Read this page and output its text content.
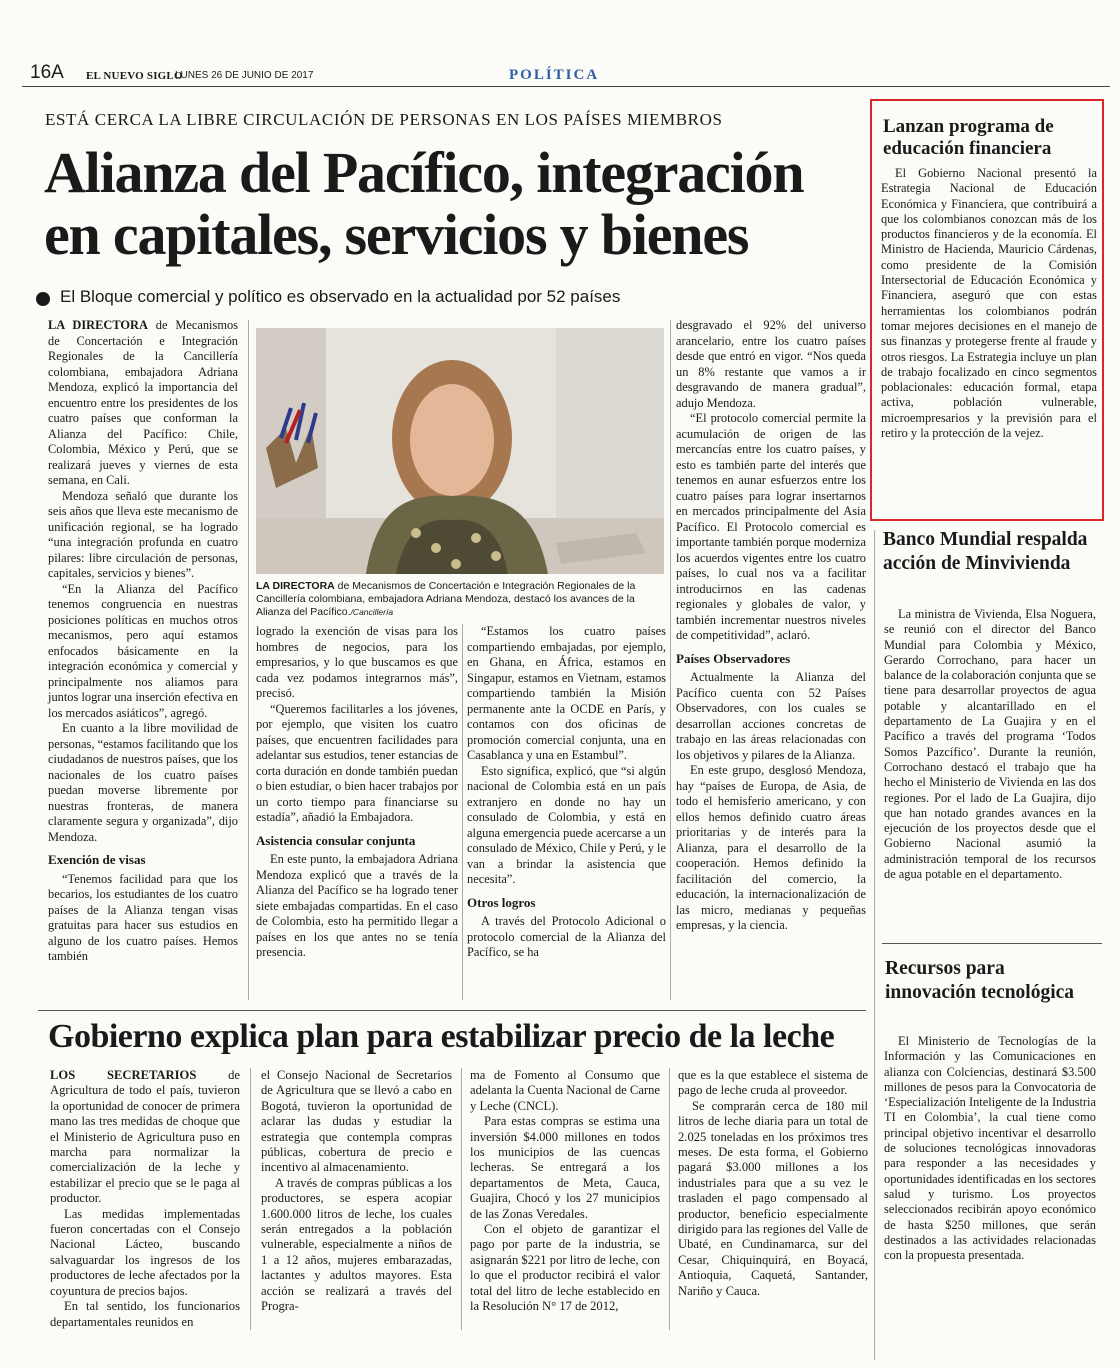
16A EL NUEVO SIGLO
LUNES 26 DE JUNIO DE 2017	POLÍTICA
ESTÁ CERCA LA LIBRE CIRCULACIÓN DE PERSONAS EN LOS PAÍSES MIEMBROS
Alianza del Pacífico, integración
en capitales, servicios y bienes
El Bloque comercial y político es observado en la actualidad por 52 países

LA DIRECTORA de Mecanismos de Concertación e Integración Regionales de la Cancillería colombiana, embajadora Adriana Mendoza, explicó la importancia del encuentro entre los presidentes de los cuatro países que conforman la Alianza del Pacífico: Chile, Colombia, México y Perú, que se realizará jueves y viernes de esta semana, en Cali.

Mendoza señaló que durante los seis años que lleva este mecanismo de unificación regional, se ha logrado “una integración profunda en cuatro pilares: libre circulación de personas, capitales, servicios y bienes”.

“En la Alianza del Pacífico tenemos congruencia en nuestras posiciones políticas en muchos otros mecanismos, pero aquí estamos enfocados básicamente en la integración económica y comercial y principalmente nos aliamos para juntos lograr una inserción efectiva en los mercados asiáticos”, agregó.

En cuanto a la libre movilidad de personas, “estamos facilitando que los ciudadanos de nuestros países, que los nacionales de los cuatro países puedan moverse libremente por nuestras fronteras, de manera claramente segura y organizada”, dijo Mendoza.

Exención de visas

“Tenemos facilidad para que los becarios, los estudiantes de los cuatro países de la Alianza tengan visas gratuitas para hacer sus estudios en alguno de los cuatro países. Hemos también

LA DIRECTORA de Mecanismos de Concertación e Integración Regionales de la Cancillería colombiana, embajadora Adriana Mendoza, destacó los avances de la Alianza del Pacífico./Cancillería

logrado la exención de visas para los hombres de negocios, para los empresarios, y lo que buscamos es que cada vez podamos integrarnos más”, precisó.

“Queremos facilitarles a los jóvenes, por ejemplo, que visiten los cuatro países, que encuentren facilidades para adelantar sus estudios, tener estancias de corta duración en donde también puedan o bien estudiar, o bien hacer trabajos por un corto tiempo para financiarse su estadía”, añadió la Embajadora.

Asistencia consular conjunta

En este punto, la embajadora Adriana Mendoza explicó que a través de la Alianza del Pacífico se ha logrado tener siete embajadas compartidas. En el caso de Colombia, esto ha permitido llegar a países en los que antes no se tenía presencia.

“Estamos los cuatro países compartiendo embajadas, por ejemplo, en Ghana, en África, estamos en Singapur, estamos en Vietnam, estamos compartiendo también la Misión permanente ante la OCDE en París, y contamos con dos oficinas de promoción comercial conjunta, una en Casablanca y una en Estambul”.

Esto significa, explicó, que “si algún nacional de Colombia está en un país extranjero en donde no hay un consulado de Colombia, y está en alguna emergencia puede acercarse a un consulado de México, Chile y Perú, y le van a brindar la asistencia que necesita”.

Otros logros

A través del Protocolo Adicional o protocolo comercial de la Alianza del Pacífico, se ha

desgravado el 92% del universo arancelario, entre los cuatro países desde que entró en vigor. “Nos queda un 8% restante que vamos a ir desgravando de manera gradual”, adujo Mendoza.

“El protocolo comercial permite la acumulación de origen de las mercancías entre los cuatro países, y esto es también parte del interés que tenemos en aunar esfuerzos entre los cuatro países para lograr insertarnos en mercados principalmente del Asia Pacífico. El Protocolo comercial es importante también porque moderniza los acuerdos vigentes entre los cuatro países, lo cual nos va a facilitar introducirnos en las cadenas regionales y globales de valor, y también incrementar nuestros niveles de competitividad”, aclaró.

Países Observadores

Actualmente la Alianza del Pacífico cuenta con 52 Países Observadores, con los cuales se desarrollan acciones concretas de trabajo en las áreas relacionadas con los objetivos y pilares de la Alianza.

En este grupo, desglosó Mendoza, hay “países de Europa, de Asia, de todo el hemisferio americano, y con ellos hemos definido cuatro áreas prioritarias y de interés para la Alianza, para el desarrollo de la cooperación. Hemos definido la facilitación del comercio, la educación, la internacionalización de las micro, medianas y pequeñas empresas, y la ciencia.

Gobierno explica plan para estabilizar precio de la leche

LOS SECRETARIOS	de Agricultura de todo el país, tuvieron la oportunidad de conocer de primera mano las tres medidas de choque que el Ministerio de Agricultura puso en marcha para normalizar la comercialización de la leche y estabilizar el precio que se le paga al productor.

Las medidas implementadas fueron concertadas con el Consejo Nacional Lácteo, buscando salvaguardar los ingresos de los productores de leche afectados por la coyuntura de precios bajos.

En tal sentido, los funcionarios departamentales reunidos en

el Consejo Nacional de Secretarios de Agricultura que se llevó a cabo en Bogotá, tuvieron la oportunidad de aclarar las dudas y estudiar la estrategia que contempla compras públicas, cobertura de precio e incentivo al almacenamiento.

A través de compras públicas a los productores, se espera acopiar 1.600.000 litros de leche, los cuales serán entregados a la población vulnerable, especialmente a niños de 1 a 12 años, mujeres embarazadas, lactantes y adultos mayores. Esta acción se realizará a través del Progra-

ma de Fomento al Consumo que adelanta la Cuenta Nacional de Carne y Leche (CNCL).

Para estas compras se estima una inversión $4.000 millones en todos los municipios de las cuencas lecheras. Se entregará a los departamentos de Meta, Cauca, Guajira, Chocó y los 27 municipios de las Zonas Veredales.

Con el objeto de garantizar el pago por parte de la industria, se asignarán $221 por litro de leche, con lo que el productor recibirá el valor total del litro de leche establecido en la Resolución N° 17 de 2012,

que es la que establece el sistema de pago de leche cruda al proveedor.

Se comprarán cerca de 180 mil litros de leche diaria para un total de 2.025 toneladas en los próximos tres meses. De esta forma, el Gobierno pagará $3.000 millones a los industriales para que a su vez le trasladen el pago compensado al productor, beneficio especialmente dirigido para las regiones del Valle de Ubaté, en Cundinamarca, sur del Cesar, Chiquinquirá, en Boyacá, Antioquia, Caquetá, Santander, Nariño y Cauca.

Lanzan programa de educación financiera

El Gobierno Nacional presentó la Estrategia Nacional de Educación Económica y Financiera, que contribuirá a que los colombianos conozcan más de los productos financieros y de la economía. El Ministro de Hacienda, Mauricio Cárdenas, como presidente de la Comisión Intersectorial de Educación Económica y Financiera, aseguró que con estas herramientas los colombianos podrán tomar mejores decisiones en el manejo de sus finanzas y protegerse frente al fraude y otros riesgos. La Estrategia incluye un plan de trabajo focalizado en cinco segmentos poblacionales: educación formal, etapa activa, población vulnerable, microempresarios y la previsión para el retiro y la protección de la vejez.

Banco Mundial respalda acción de Minvivienda

La ministra de Vivienda, Elsa Noguera, se reunió con el director del Banco Mundial para Colombia y México, Gerardo Corrochano, para hacer un balance de la colaboración conjunta que se tiene para desarrollar proyectos de agua potable y alcantarillado en el departamento de La Guajira y en el Pacífico a través del programa ‘Todos Somos Pazcífico’. Durante la reunión, Corrochano destacó el trabajo que ha hecho el Ministerio de Vivienda en las dos regiones. Por el lado de La Guajira, dijo que han notado grandes avances en la ejecución de los proyectos desde que el Gobierno Nacional asumió la administración temporal de los recursos de agua potable en el departamento.

Recursos para innovación tecnológica

El Ministerio de Tecnologías de la Información y las Comunicaciones en alianza con Colciencias, destinará $3.500 millones de pesos para la Convocatoria de ‘Especialización Inteligente de la Industria TI en Colombia’, la cual tiene como principal objetivo incentivar el desarrollo de soluciones tecnológicas innovadoras para responder a las necesidades y oportunidades identificadas en los sectores salud y turismo. Los proyectos seleccionados recibirán apoyo económico de hasta $250 millones, que serán destinados a las actividades relacionadas con la propuesta presentada.
